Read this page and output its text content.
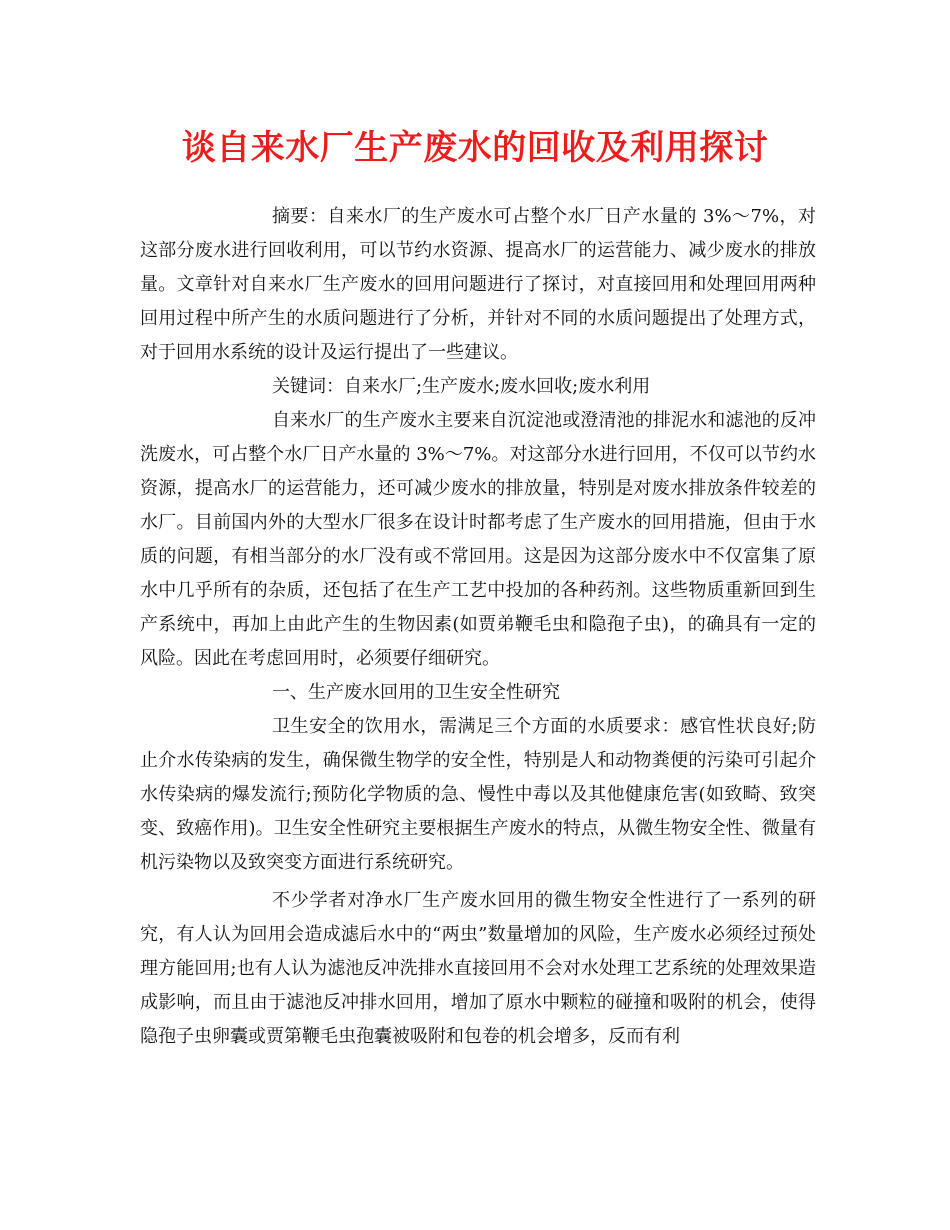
谈自来水厂生产废水的回收及利用探讨

摘要：自来水厂的生产废水可占整个水厂日产水量的 3%～7%，对这部分废水进行回收利用，可以节约水资源、提高水厂的运营能力、减少废水的排放量。文章针对自来水厂生产废水的回用问题进行了探讨，对直接回用和处理回用两种回用过程中所产生的水质问题进行了分析，并针对不同的水质问题提出了处理方式，对于回用水系统的设计及运行提出了一些建议。

关键词：自来水厂;生产废水;废水回收;废水利用

自来水厂的生产废水主要来自沉淀池或澄清池的排泥水和滤池的反冲洗废水，可占整个水厂日产水量的 3%～7%。对这部分水进行回用，不仅可以节约水资源，提高水厂的运营能力，还可减少废水的排放量，特别是对废水排放条件较差的水厂。目前国内外的大型水厂很多在设计时都考虑了生产废水的回用措施，但由于水质的问题，有相当部分的水厂没有或不常回用。这是因为这部分废水中不仅富集了原水中几乎所有的杂质，还包括了在生产工艺中投加的各种药剂。这些物质重新回到生产系统中，再加上由此产生的生物因素(如贾弟鞭毛虫和隐孢子虫)，的确具有一定的风险。因此在考虑回用时，必须要仔细研究。

一、生产废水回用的卫生安全性研究

卫生安全的饮用水，需满足三个方面的水质要求：感官性状良好;防止介水传染病的发生，确保微生物学的安全性，特别是人和动物粪便的污染可引起介水传染病的爆发流行;预防化学物质的急、慢性中毒以及其他健康危害(如致畸、致突变、致癌作用)。卫生安全性研究主要根据生产废水的特点，从微生物安全性、微量有机污染物以及致突变方面进行系统研究。

不少学者对净水厂生产废水回用的微生物安全性进行了一系列的研究，有人认为回用会造成滤后水中的“两虫”数量增加的风险，生产废水必须经过预处理方能回用;也有人认为滤池反冲洗排水直接回用不会对水处理工艺系统的处理效果造成影响，而且由于滤池反冲排水回用，增加了原水中颗粒的碰撞和吸附的机会，使得隐孢子虫卵囊或贾第鞭毛虫孢囊被吸附和包卷的机会增多，反而有利
